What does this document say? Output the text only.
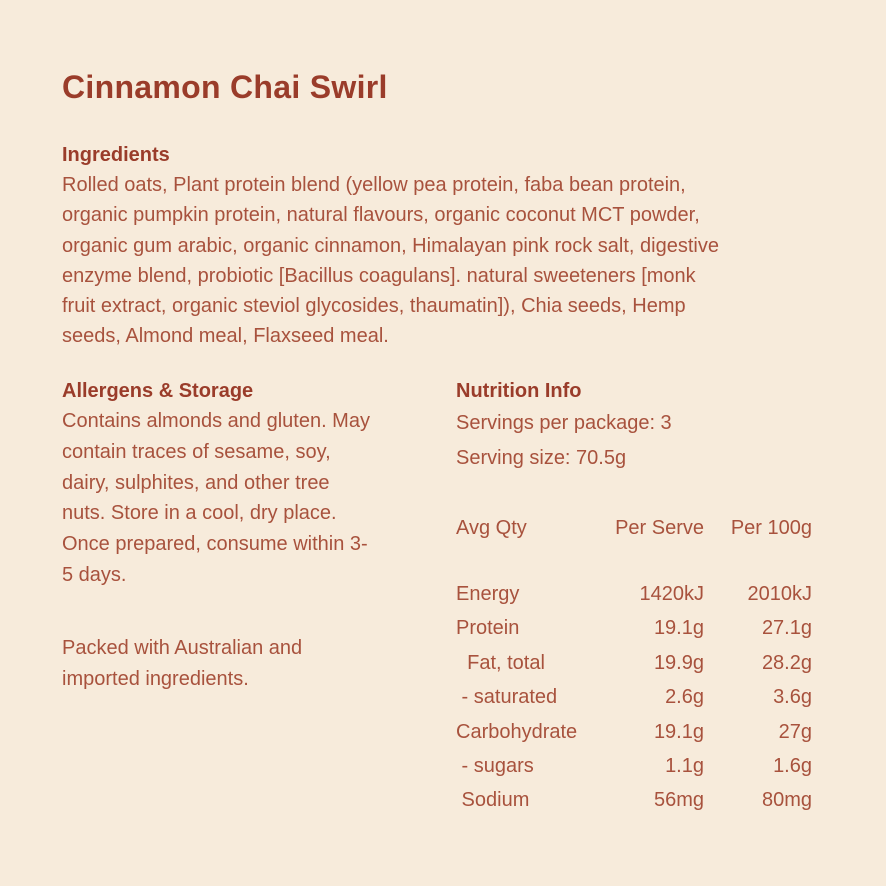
Cinnamon Chai Swirl
Ingredients
Rolled oats, Plant protein blend (yellow pea protein, faba bean protein,
organic pumpkin protein, natural flavours, organic coconut MCT powder,
organic gum arabic, organic cinnamon, Himalayan pink rock salt, digestive
enzyme blend, probiotic [Bacillus coagulans]. natural sweeteners [monk
fruit extract, organic steviol glycosides, thaumatin]), Chia seeds, Hemp
seeds, Almond meal, Flaxseed meal.
Allergens & Storage
Contains almonds and gluten. May
contain traces of sesame, soy,
dairy, sulphites, and other tree
nuts. Store in a cool, dry place.
Once prepared, consume within 3-
5 days.
Packed with Australian and
imported ingredients.
Nutrition Info
Servings per package: 3
Serving size: 70.5g
Avg Qty	Per Serve	Per 100g
Energy	1420kJ	2010kJ
Protein	19.1g	27.1g
Fat, total	19.9g	28.2g
- saturated	2.6g	3.6g
Carbohydrate	19.1g	27g
- sugars	1.1g	1.6g
Sodium	56mg	80mg
